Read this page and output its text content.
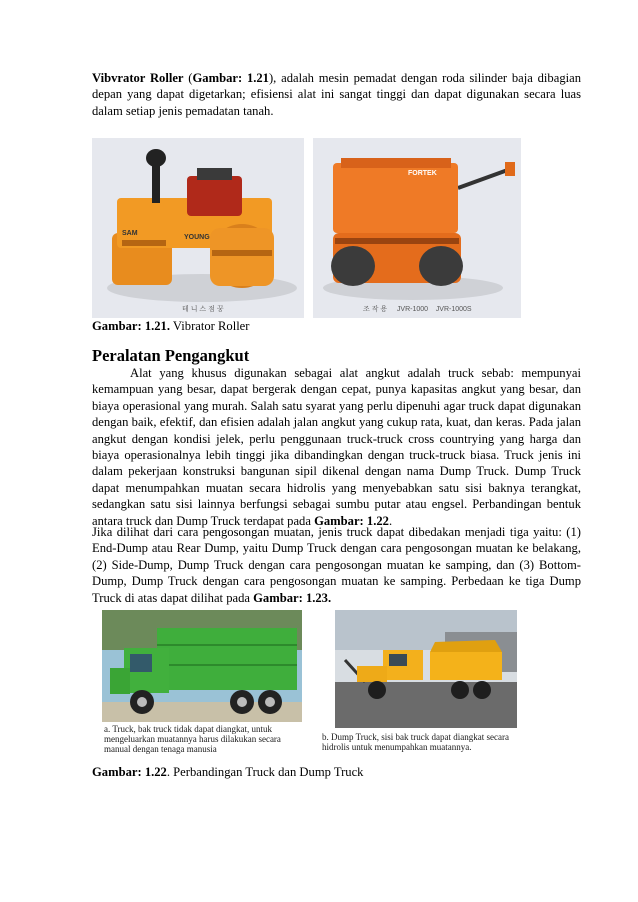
Vibvrator Roller (Gambar: 1.21), adalah mesin pemadat dengan roda silinder baja dibagian depan yang dapat digetarkan; efisiensi alat ini sangat tinggi dan dapat digunakan secara luas dalam setiap jenis pemadatan tanah.

SAM
YOUNG
테 니 스 점 꿍
FORTEK
조 작 용     JVR-1000    JVR-1000S

Gambar: 1.21. Vibrator Roller

Peralatan Pengangkut

Alat yang khusus digunakan sebagai alat angkut adalah truck sebab: mempunyai kemampuan yang besar, dapat bergerak dengan cepat, punya kapasitas angkut yang besar, dan biaya operasional yang murah. Salah satu syarat yang perlu dipenuhi agar truck dapat digunakan dengan baik, efektif, dan efisien adalah jalan angkut yang cukup rata, kuat, dan keras. Pada jalan angkut dengan kondisi jelek, perlu penggunaan truck-truck cross countrying yang harga dan biaya operasionalnya lebih tinggi jika dibandingkan dengan truck-truck biasa. Truck jenis ini dalam pekerjaan konstruksi bangunan sipil dikenal dengan nama Dump Truck. Dump Truck dapat menumpahkan muatan secara hidrolis yang menyebabkan satu sisi baknya terangkat, sedangkan satu sisi lainnya berfungsi sebagai sumbu putar atau engsel. Perbandingan bentuk antara truck dan Dump Truck terdapat pada Gambar: 1.22.

Jika dilihat dari cara pengosongan muatan, jenis truck dapat dibedakan menjadi tiga yaitu: (1) End-Dump atau Rear Dump, yaitu Dump Truck dengan cara pengosongan muatan ke belakang, (2) Side-Dump, Dump Truck dengan cara pengosongan muatan ke samping, dan (3) Bottom-Dump, Dump Truck dengan cara pengosongan muatan ke samping. Perbedaan ke tiga Dump Truck di atas dapat dilihat pada Gambar: 1.23.

a. Truck, bak truck tidak dapat diangkat, untuk mengeluarkan muatannya harus dilakukan secara manual dengan tenaga manusia
b. Dump Truck, sisi bak truck dapat diangkat secara hidrolis untuk menumpahkan muatannya.

Gambar: 1.22. Perbandingan Truck dan Dump Truck
